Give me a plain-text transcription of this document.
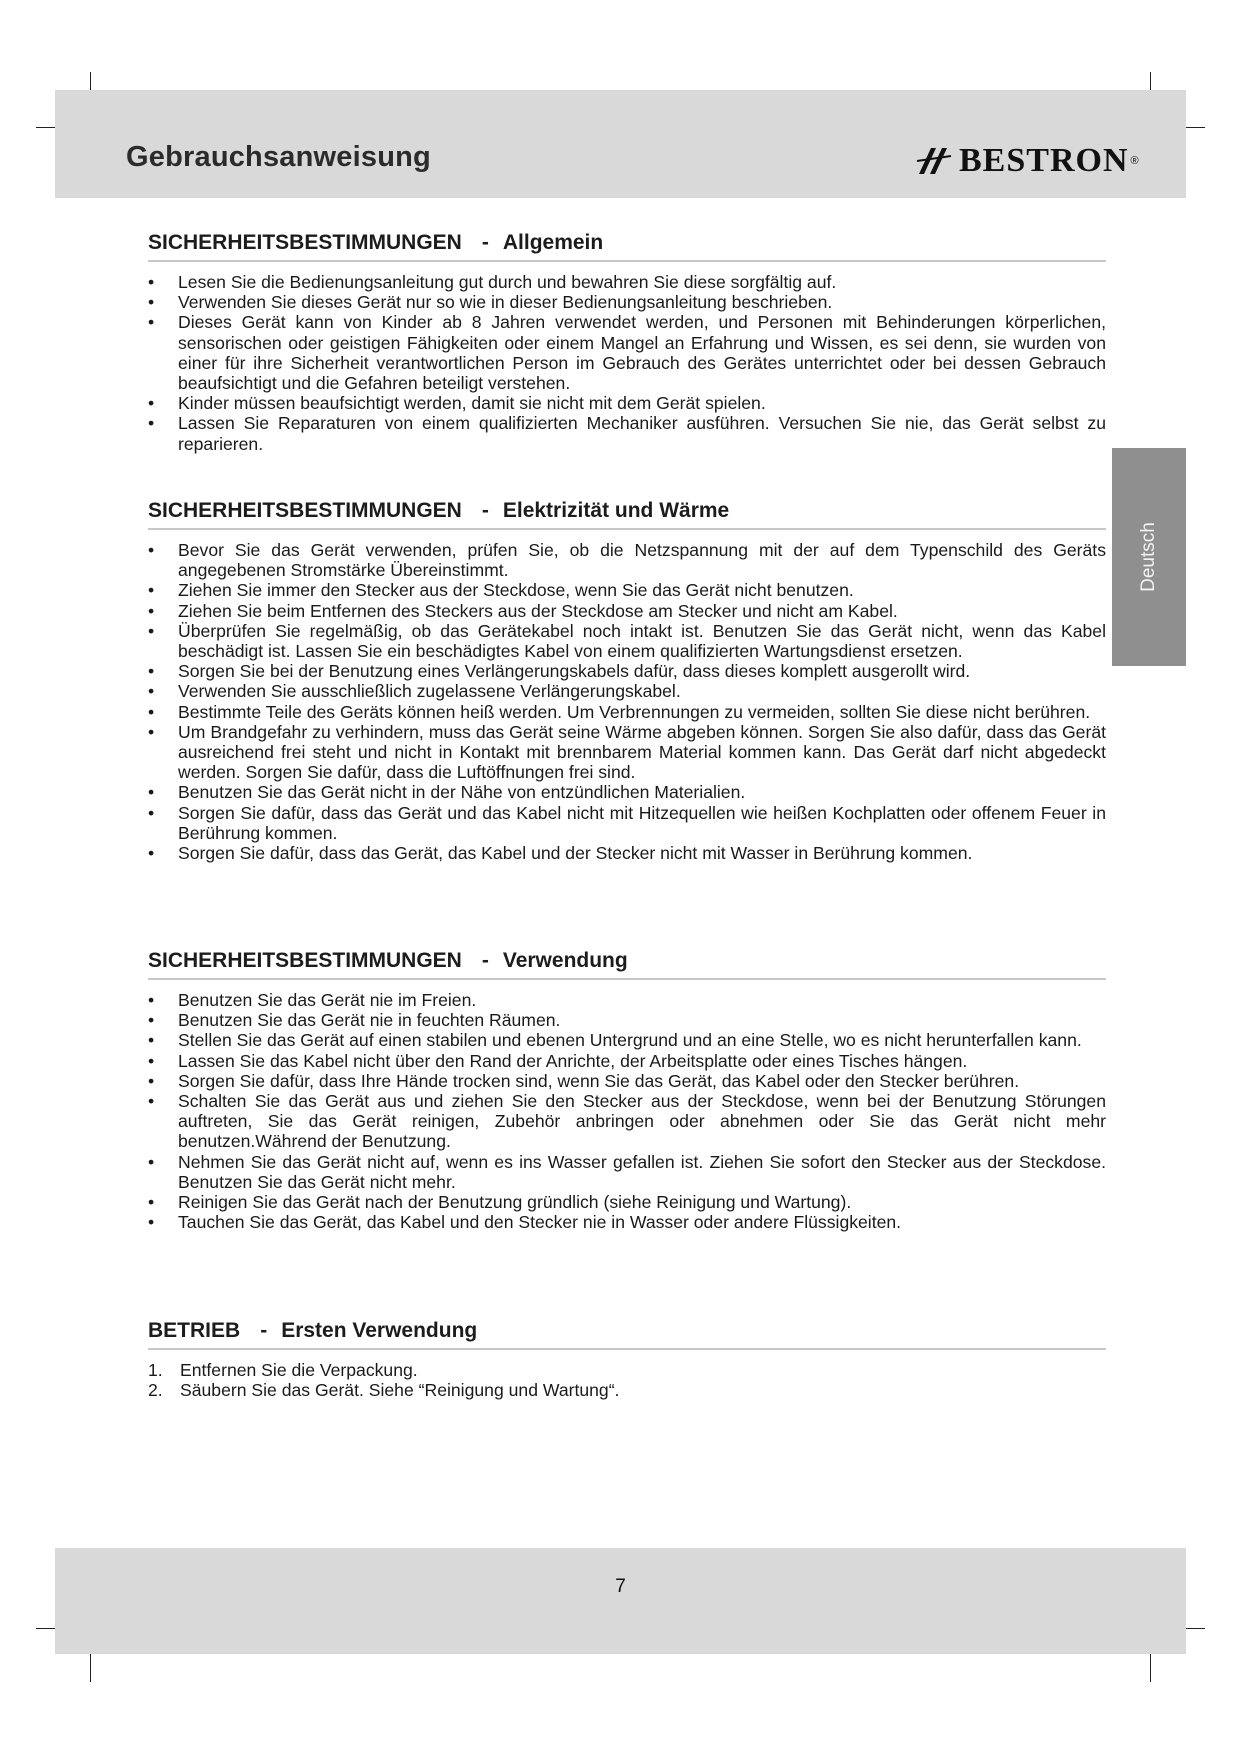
Gebrauchsanweisung	BESTRON ®
Deutsch
SICHERHEITSBESTIMMUNGEN - Allgemein
• Lesen Sie die Bedienungsanleitung gut durch und bewahren Sie diese sorgfältig auf.
• Verwenden Sie dieses Gerät nur so wie in dieser Bedienungsanleitung beschrieben.
• Dieses Gerät kann von Kinder ab 8 Jahren verwendet werden, und Personen mit Behinderungen körperlichen, sensorischen oder geistigen Fähigkeiten oder einem Mangel an Erfahrung und Wissen, es sei denn, sie wurden von einer für ihre Sicherheit verantwortlichen Person im Gebrauch des Gerätes unterrichtet oder bei dessen Gebrauch beaufsichtigt und die Gefahren beteiligt verstehen.
• Kinder müssen beaufsichtigt werden, damit sie nicht mit dem Gerät spielen.
• Lassen Sie Reparaturen von einem qualifizierten Mechaniker ausführen. Versuchen Sie nie, das Gerät selbst zu reparieren.
SICHERHEITSBESTIMMUNGEN - Elektrizität und Wärme
• Bevor Sie das Gerät verwenden, prüfen Sie, ob die Netzspannung mit der auf dem Typenschild des Geräts angegebenen Stromstärke Übereinstimmt.
• Ziehen Sie immer den Stecker aus der Steckdose, wenn Sie das Gerät nicht benutzen.
• Ziehen Sie beim Entfernen des Steckers aus der Steckdose am Stecker und nicht am Kabel.
• Überprüfen Sie regelmäßig, ob das Gerätekabel noch intakt ist. Benutzen Sie das Gerät nicht, wenn das Kabel beschädigt ist. Lassen Sie ein beschädigtes Kabel von einem qualifizierten Wartungsdienst ersetzen.
• Sorgen Sie bei der Benutzung eines Verlängerungskabels dafür, dass dieses komplett ausgerollt wird.
• Verwenden Sie ausschließlich zugelassene Verlängerungskabel.
• Bestimmte Teile des Geräts können heiß werden. Um Verbrennungen zu vermeiden, sollten Sie diese nicht berühren.
• Um Brandgefahr zu verhindern, muss das Gerät seine Wärme abgeben können. Sorgen Sie also dafür, dass das Gerät ausreichend frei steht und nicht in Kontakt mit brennbarem Material kommen kann. Das Gerät darf nicht abgedeckt werden. Sorgen Sie dafür, dass die Luftöffnungen frei sind.
• Benutzen Sie das Gerät nicht in der Nähe von entzündlichen Materialien.
• Sorgen Sie dafür, dass das Gerät und das Kabel nicht mit Hitzequellen wie heißen Kochplatten oder offenem Feuer in Berührung kommen.
• Sorgen Sie dafür, dass das Gerät, das Kabel und der Stecker nicht mit Wasser in Berührung kommen.
SICHERHEITSBESTIMMUNGEN - Verwendung
• Benutzen Sie das Gerät nie im Freien.
• Benutzen Sie das Gerät nie in feuchten Räumen.
• Stellen Sie das Gerät auf einen stabilen und ebenen Untergrund und an eine Stelle, wo es nicht herunterfallen kann.
• Lassen Sie das Kabel nicht über den Rand der Anrichte, der Arbeitsplatte oder eines Tisches hängen.
• Sorgen Sie dafür, dass Ihre Hände trocken sind, wenn Sie das Gerät, das Kabel oder den Stecker berühren.
• Schalten Sie das Gerät aus und ziehen Sie den Stecker aus der Steckdose, wenn bei der Benutzung Störungen auftreten, Sie das Gerät reinigen, Zubehör anbringen oder abnehmen oder Sie das Gerät nicht mehr benutzen.Während der Benutzung.
• Nehmen Sie das Gerät nicht auf, wenn es ins Wasser gefallen ist. Ziehen Sie sofort den Stecker aus der Steckdose. Benutzen Sie das Gerät nicht mehr.
• Reinigen Sie das Gerät nach der Benutzung gründlich (siehe Reinigung und Wartung).
• Tauchen Sie das Gerät, das Kabel und den Stecker nie in Wasser oder andere Flüssigkeiten.
BETRIEB - Ersten Verwendung
1. Entfernen Sie die Verpackung.
2. Säubern Sie das Gerät. Siehe “Reinigung und Wartung“.
7
